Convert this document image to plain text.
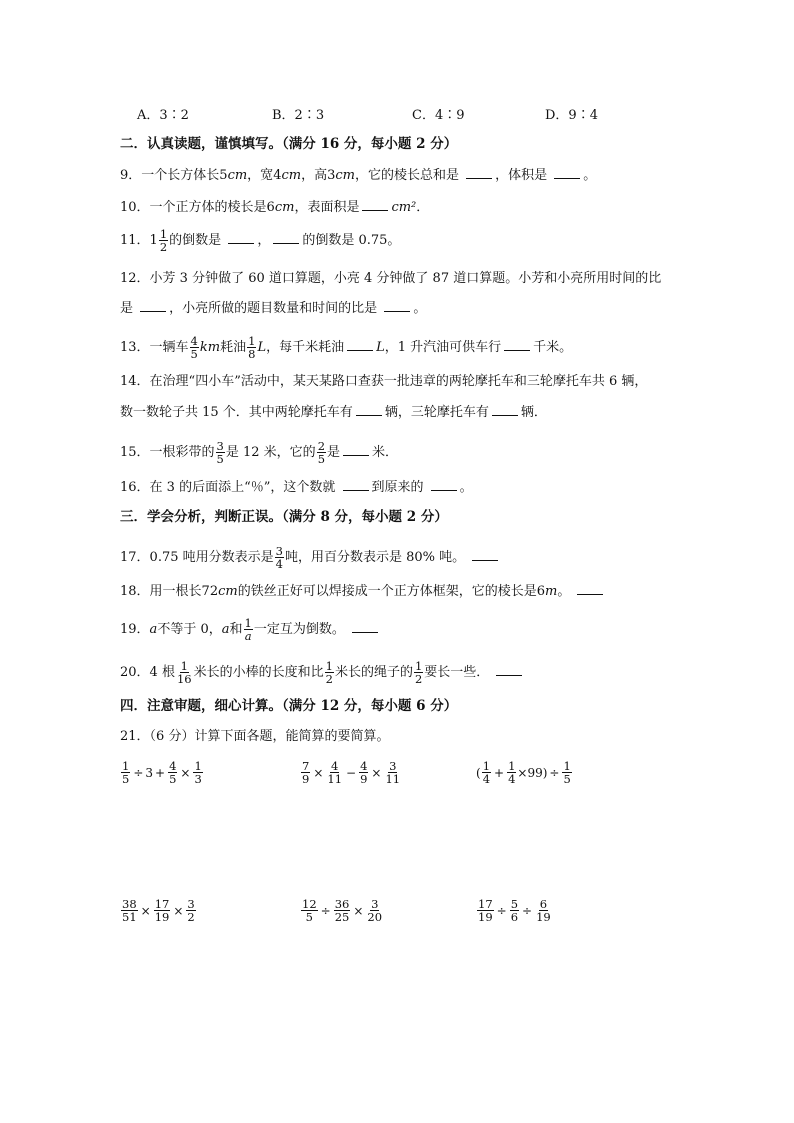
A．3∶2	B．2∶3	C．4∶9	D．9∶4
二．认真读题，谨慎填写。（满分 16 分，每小题 2 分）
9．一个长方体长5cm，宽4cm，高3cm，它的棱长总和是	，体积是	。
10．一个正方体的棱长是6cm，表面积是 cm²．
11．$1 \frac{1}{2}$ 的倒数是	， 的倒数是 0.75。
12．小芳 3 分钟做了 60 道口算题，小亮 4 分钟做了 87 道口算题。小芳和小亮所用时间的比
是	，小亮所做的题目数量和时间的比是	。
13．一辆车 $\frac{4}{5}$ km耗油 $\frac{1}{8}$ L，每千米耗油 L，1 升汽油可供车行 千米。
14．在治理“四小车”活动中，某天某路口查获一批违章的两轮摩托车和三轮摩托车共 6 辆，
数一数轮子共 15 个．其中两轮摩托车有 辆，三轮摩托车有 辆．
15．一根彩带的 $\frac{3}{5}$ 是 12 米，它的 $\frac{2}{5}$ 是 米．
16．在 3 的后面添上“％”，这个数就	到原来的	。
三．学会分析，判断正误。（满分 8 分，每小题 2 分）
17．0.75 吨用分数表示是 $\frac{3}{4}$ 吨，用百分数表示是 80% 吨。
18．用一根长72cm的铁丝正好可以焊接成一个正方体框架，它的棱长是6m。
19．a不等于 0，a和 $\frac{1}{a}$ 一定互为倒数。
20．4 根 $\frac{1}{16}$ 米长的小棒的长度和比 $\frac{1}{2}$ 米长的绳子的 $\frac{1}{2}$ 要长一些．
四．注意审题，细心计算。（满分 12 分，每小题 6 分）
21．（6 分）计算下面各题，能简算的要简算。
$\frac{1}{5} \div 3 + \frac{4}{5} \times \frac{1}{3}$	$\frac{7}{9} \times \frac{4}{11} - \frac{4}{9} \times \frac{3}{11}$	( $\frac{1}{4} + \frac{1}{4} \times 99$ ) ÷ $\frac{1}{5}$
$\frac{38}{51} \times \frac{17}{19} \times \frac{3}{2}$	$\frac{12}{5} \div \frac{36}{25} \times \frac{3}{20}$	$\frac{17}{19} \div \frac{5}{6} \div \frac{6}{19}$
